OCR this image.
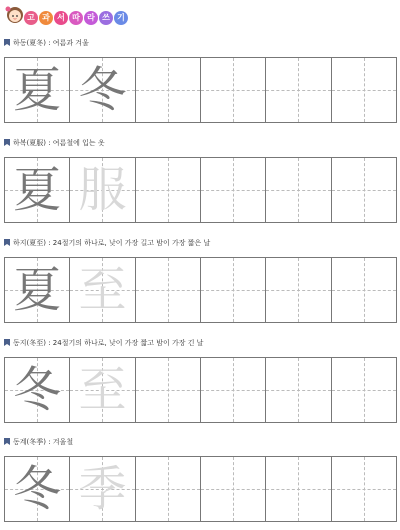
고 과 서 따 라 쓰 기
하동(夏冬) : 여름과 겨울
夏 冬
하복(夏服) : 여름철에 입는 옷
夏 服
하지(夏至) : 24절기의 하나로, 낮이 가장 길고 밤이 가장 짧은 날
夏 至
동지(冬至) : 24절기의 하나로, 낮이 가장 짧고 밤이 가장 긴 날
冬 至
동계(冬季) : 겨울철
冬 季
